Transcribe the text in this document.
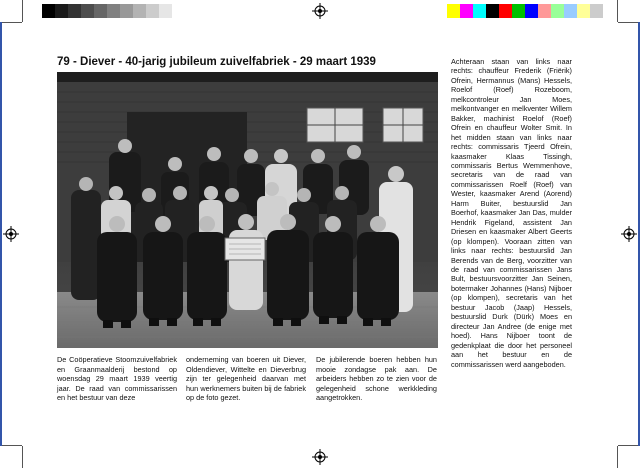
79 - Diever - 40-jarig jubileum zuivelfabriek - 29 maart 1939

De Coöperatieve Stoomzuivelfabriek en Graanmaalderij bestond op woensdag 29 maart 1939 veertig jaar. De raad van commissarissen en het bestuur van deze

onderneming van boeren uit Diever, Oldendiever, Wittelte en Dieverbrug zijn ter gelegenheid daarvan met hun werknemers buiten bij de fabriek op de foto gezet.

De jubilerende boeren hebben hun mooie zondagse pak aan. De arbeiders hebben zo te zien voor de gelegenheid schone werkkleding aangetrokken.

Achteraan staan van links naar rechts: chauffeur Frederik (Friërik) Ofrein, Hermannus (Mans) Hessels, Roelof (Roef) Rozeboom, melkcontroleur Jan Moes, melkontvanger en melkventer Willem Bakker, machinist Roelof (Roef) Ofrein en chauffeur Wolter Smit. In het midden staan van links naar rechts: commissaris Tjeerd Ofrein, kaasmaker Klaas Tissingh, commissaris Bertus Wemmenhove, secretaris van de raad van commissarissen Roelf (Roef) van Wester, kaasmaker Arend (Aorend) Harm Buiter, bestuurslid Jan Boerhof, kaasmaker Jan Das, mulder Hendrik Figeland, assistent Jan Driesen en kaasmaker Albert Geerts (op klompen). Vooraan zitten van links naar rechts: bestuurslid Jan Berends van de Berg, voorzitter van de raad van commissarissen Jans Bult, bestuursvoorzitter Jan Seinen, botermaker Johannes (Hans) Nijboer (op klompen), secretaris van het bestuur Jacob (Jaap) Hessels, bestuurslid Durk (Dürk) Moes en directeur Jan Andree (de enige met hoed). Hans Nijboer toont de gedenkplaat die door het personeel aan het bestuur en de commissarissen werd aangeboden.
